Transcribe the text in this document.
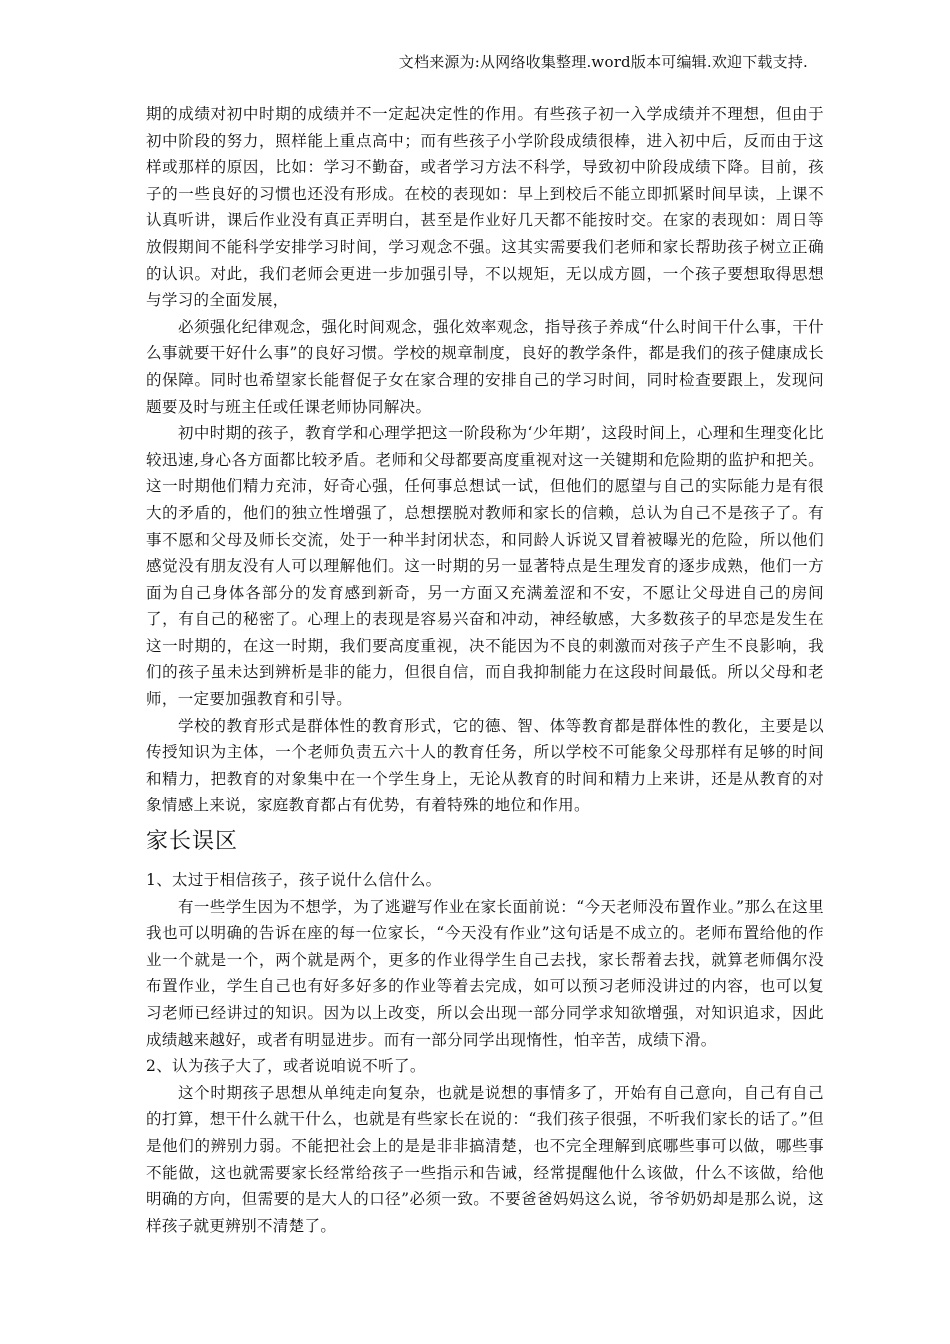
文档来源为:从网络收集整理.word版本可编辑.欢迎下载支持.

期的成绩对初中时期的成绩并不一定起决定性的作用。有些孩子初一入学成绩并不理想，但由于初中阶段的努力，照样能上重点高中；而有些孩子小学阶段成绩很棒，进入初中后，反而由于这样或那样的原因，比如：学习不勤奋，或者学习方法不科学，导致初中阶段成绩下降。目前，孩子的一些良好的习惯也还没有形成。在校的表现如：早上到校后不能立即抓紧时间早读，上课不认真听讲，课后作业没有真正弄明白，甚至是作业好几天都不能按时交。在家的表现如：周日等放假期间不能科学安排学习时间，学习观念不强。这其实需要我们老师和家长帮助孩子树立正确的认识。对此，我们老师会更进一步加强引导，不以规矩，无以成方圆，一个孩子要想取得思想与学习的全面发展，

必须强化纪律观念，强化时间观念，强化效率观念，指导孩子养成“什么时间干什么事，干什么事就要干好什么事”的良好习惯。学校的规章制度，良好的教学条件，都是我们的孩子健康成长的保障。同时也希望家长能督促子女在家合理的安排自己的学习时间，同时检查要跟上，发现问题要及时与班主任或任课老师协同解决。

初中时期的孩子，教育学和心理学把这一阶段称为‘少年期’，这段时间上，心理和生理变化比较迅速,身心各方面都比较矛盾。老师和父母都要高度重视对这一关键期和危险期的监护和把关。这一时期他们精力充沛，好奇心强，任何事总想试一试，但他们的愿望与自己的实际能力是有很大的矛盾的，他们的独立性增强了，总想摆脱对教师和家长的信赖，总认为自己不是孩子了。有事不愿和父母及师长交流，处于一种半封闭状态，和同龄人诉说又冒着被曝光的危险，所以他们感觉没有朋友没有人可以理解他们。这一时期的另一显著特点是生理发育的逐步成熟，他们一方面为自己身体各部分的发育感到新奇，另一方面又充满羞涩和不安，不愿让父母进自己的房间了，有自己的秘密了。心理上的表现是容易兴奋和冲动，神经敏感，大多数孩子的早恋是发生在这一时期的，在这一时期，我们要高度重视，决不能因为不良的刺激而对孩子产生不良影响，我们的孩子虽未达到辨析是非的能力，但很自信，而自我抑制能力在这段时间最低。所以父母和老师，一定要加强教育和引导。

学校的教育形式是群体性的教育形式，它的德、智、体等教育都是群体性的教化，主要是以传授知识为主体，一个老师负责五六十人的教育任务，所以学校不可能象父母那样有足够的时间和精力，把教育的对象集中在一个学生身上，无论从教育的时间和精力上来讲，还是从教育的对象情感上来说，家庭教育都占有优势，有着特殊的地位和作用。

家长误区

1、太过于相信孩子，孩子说什么信什么。

有一些学生因为不想学，为了逃避写作业在家长面前说：“今天老师没布置作业。”那么在这里我也可以明确的告诉在座的每一位家长，“今天没有作业”这句话是不成立的。老师布置给他的作业一个就是一个，两个就是两个，更多的作业得学生自己去找，家长帮着去找，就算老师偶尔没布置作业，学生自己也有好多好多的作业等着去完成，如可以预习老师没讲过的内容，也可以复习老师已经讲过的知识。因为以上改变，所以会出现一部分同学求知欲增强，对知识追求，因此成绩越来越好，或者有明显进步。而有一部分同学出现惰性，怕辛苦，成绩下滑。

2、认为孩子大了，或者说咱说不听了。

这个时期孩子思想从单纯走向复杂，也就是说想的事情多了，开始有自己意向，自己有自己的打算，想干什么就干什么，也就是有些家长在说的：“我们孩子很强，不听我们家长的话了。”但是他们的辨别力弱。不能把社会上的是是非非搞清楚，也不完全理解到底哪些事可以做，哪些事不能做，这也就需要家长经常给孩子一些指示和告诫，经常提醒他什么该做，什么不该做，给他明确的方向，但需要的是大人的口径”必须一致。不要爸爸妈妈这么说，爷爷奶奶却是那么说，这样孩子就更辨别不清楚了。
